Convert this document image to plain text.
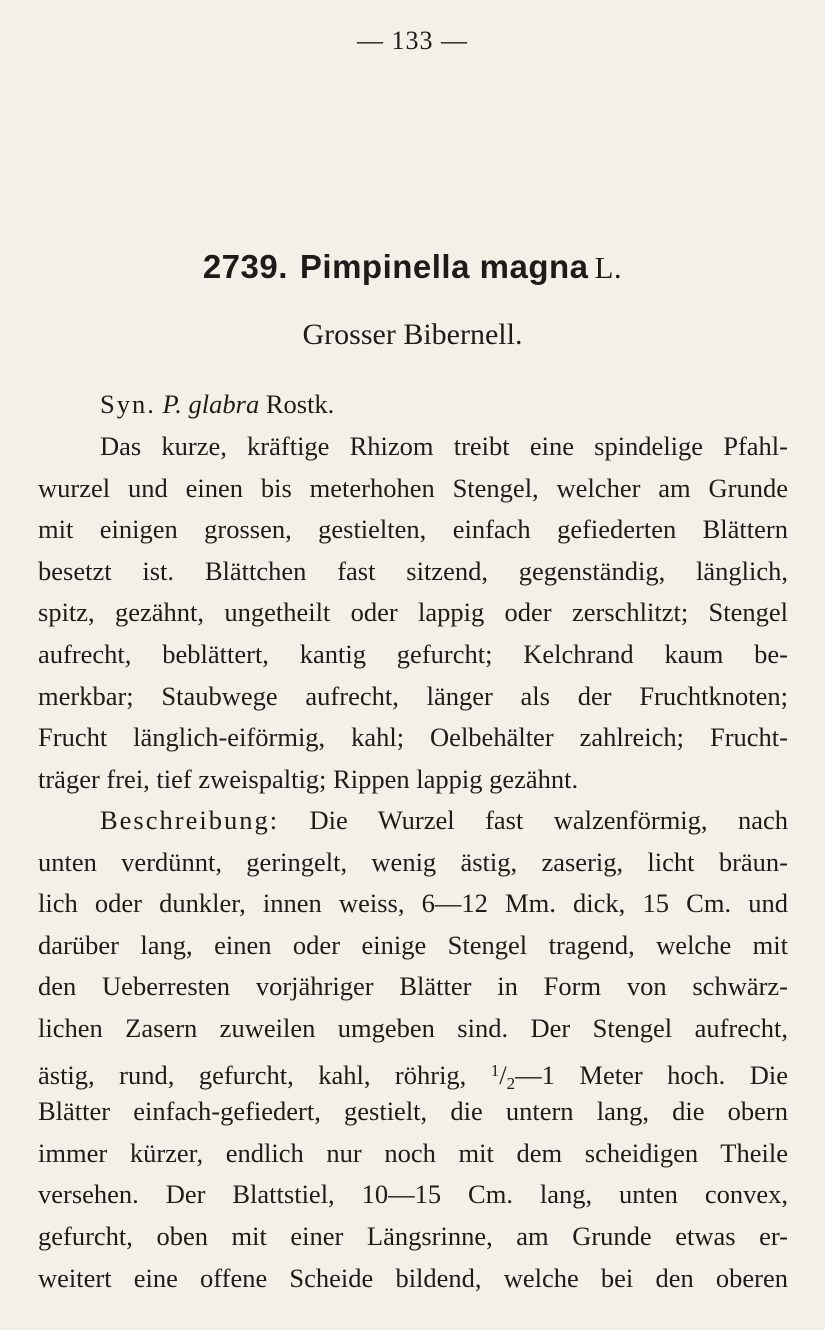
— 133 —
2739. Pimpinella magna L.
Grosser Bibernell.
Syn. P. glabra Rostk.
Das kurze, kräftige Rhizom treibt eine spindelige Pfahl-
wurzel und einen bis meterhohen Stengel, welcher am Grunde
mit einigen grossen, gestielten, einfach gefiederten Blättern
besetzt ist. Blättchen fast sitzend, gegenständig, länglich,
spitz, gezähnt, ungetheilt oder lappig oder zerschlitzt; Stengel
aufrecht, beblättert, kantig gefurcht; Kelchrand kaum be-
merkbar; Staubwege aufrecht, länger als der Fruchtknoten;
Frucht länglich-eiförmig, kahl; Oelbehälter zahlreich; Frucht-
träger frei, tief zweispaltig; Rippen lappig gezähnt.
Beschreibung: Die Wurzel fast walzenförmig, nach
unten verdünnt, geringelt, wenig ästig, zaserig, licht bräun-
lich oder dunkler, innen weiss, 6—12 Mm. dick, 15 Cm. und
darüber lang, einen oder einige Stengel tragend, welche mit
den Ueberresten vorjähriger Blätter in Form von schwärz-
lichen Zasern zuweilen umgeben sind. Der Stengel aufrecht,
ästig, rund, gefurcht, kahl, röhrig, $^1$/2—1 Meter hoch. Die
Blätter einfach-gefiedert, gestielt, die untern lang, die obern
immer kürzer, endlich nur noch mit dem scheidigen Theile
versehen. Der Blattstiel, 10—15 Cm. lang, unten convex,
gefurcht, oben mit einer Längsrinne, am Grunde etwas er-
weitert eine offene Scheide bildend, welche bei den oberen
